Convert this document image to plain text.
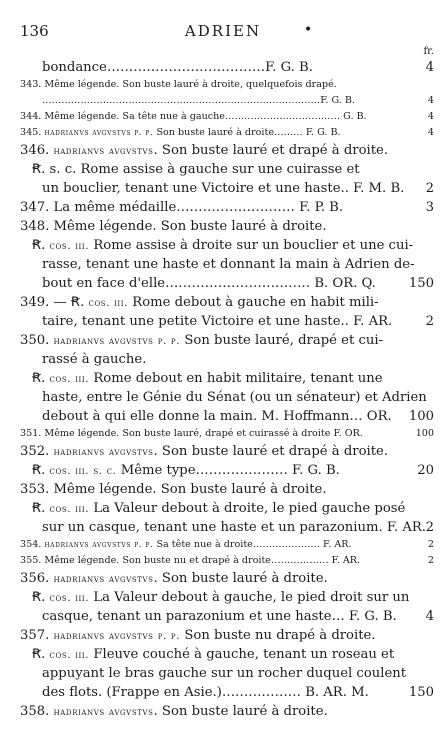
136	ADRIEN	•
fr.
bondance………………………………F. G. B.	4
343. Même légende. Son buste lauré à droite, quelquefois drapé.
……………………………………………………………………………F. G. B.	4
344. Même légende. Sa tête nue à gauche……………………………… G. B.	4
345. hadrianvs avgvstvs p. p. Son buste lauré à droite……… F. G. B.	4
346. hadrianvs avgvstvs. Son buste lauré et drapé à droite.
Ꞧ. s. c. Rome assise à gauche sur une cuirasse et
un bouclier, tenant une Victoire et une haste.. F. M. B. 2
347. La même médaille……………………… F. P. B.	3
348. Même légende. Son buste lauré à droite.
Ꞧ. cos. iii. Rome assise à droite sur un bouclier et une cui-
rasse, tenant une haste et donnant la main à Adrien de-
bout en face d'elle…………………………… B. OR. Q. 150
349. — Ꞧ. cos. iii. Rome debout à gauche en habit mili-
taire, tenant une petite Victoire et une haste.. F. AR.	2
350. hadrianvs avgvstvs p. p. Son buste lauré, drapé et cui-
rassé à gauche.
Ꞧ. cos. iii. Rome debout en habit militaire, tenant une
haste, entre le Génie du Sénat (ou un sénateur) et Adrien
debout à qui elle donne la main. M. Hoffmann… OR. 100
351. Même légende. Son buste lauré, drapé et cuirassé à droite F. OR.	100
352. hadrianvs avgvstvs. Son buste lauré et drapé à droite.
Ꞧ. cos. iii. s. c. Même type………………… F. G. B.	20
353. Même légende. Son buste lauré à droite.
Ꞧ. cos. iii. La Valeur debout à droite, le pied gauche posé
sur un casque, tenant une haste et un parazonium. F. AR. 2
354. hadrianvs avgvstvs p. p. Sa tête nue à droite………………… F. AR.	2
355. Même légende. Son buste nu et drapé à droite……………… F. AR.	2
356. hadrianvs avgvstvs. Son buste lauré à droite.
Ꞧ. cos. iii. La Valeur debout à gauche, le pied droit sur un
casque, tenant un parazonium et une haste… F. G. B. 4
357. hadrianvs avgvstvs p. p. Son buste nu drapé à droite.
Ꞧ. cos. iii. Fleuve couché à gauche, tenant un roseau et
appuyant le bras gauche sur un rocher duquel coulent
des flots. (Frappe en Asie.)……………… B. AR. M.	150
358. hadrianvs avgvstvs. Son buste lauré à droite.
